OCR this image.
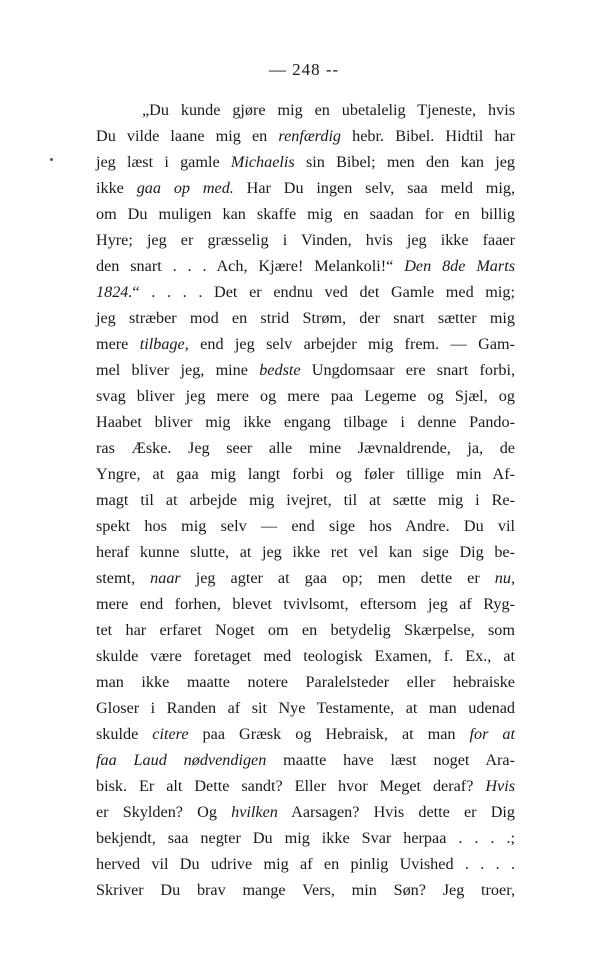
— 248 --
„Du kunde gjøre mig en ubetalelig Tjeneste, hvis
Du vilde laane mig en renfærdig hebr. Bibel. Hidtil har
jeg læst i gamle Michaelis sin Bibel; men den kan jeg
ikke gaa op med. Har Du ingen selv, saa meld mig,
om Du muligen kan skaffe mig en saadan for en billig
Hyre; jeg er græsselig i Vinden, hvis jeg ikke faaer
den snart . . . Ach, Kjære! Melankoli!“ Den 8de Marts
1824.“ . . . . Det er endnu ved det Gamle med mig;
jeg stræber mod en strid Strøm, der snart sætter mig
mere tilbage, end jeg selv arbejder mig frem. — Gam-
mel bliver jeg, mine bedste Ungdomsaar ere snart forbi,
svag bliver jeg mere og mere paa Legeme og Sjæl, og
Haabet bliver mig ikke engang tilbage i denne Pando-
ras Æske. Jeg seer alle mine Jævnaldrende, ja, de
Yngre, at gaa mig langt forbi og føler tillige min Af-
magt til at arbejde mig ivejret, til at sætte mig i Re-
spekt hos mig selv — end sige hos Andre. Du vil
heraf kunne slutte, at jeg ikke ret vel kan sige Dig be-
stemt, naar jeg agter at gaa op; men dette er nu,
mere end forhen, blevet tvivlsomt, eftersom jeg af Ryg-
tet har erfaret Noget om en betydelig Skærpelse, som
skulde være foretaget med teologisk Examen, f. Ex., at
man ikke maatte notere Paralelsteder eller hebraiske
Gloser i Randen af sit Nye Testamente, at man udenad
skulde citere paa Græsk og Hebraisk, at man for at
faa Laud nødvendigen maatte have læst noget Ara-
bisk. Er alt Dette sandt? Eller hvor Meget deraf? Hvis
er Skylden? Og hvilken Aarsagen? Hvis dette er Dig
bekjendt, saa negter Du mig ikke Svar herpaa . . . .;
herved vil Du udrive mig af en pinlig Uvished . . . .
Skriver Du brav mange Vers, min Søn? Jeg troer,
